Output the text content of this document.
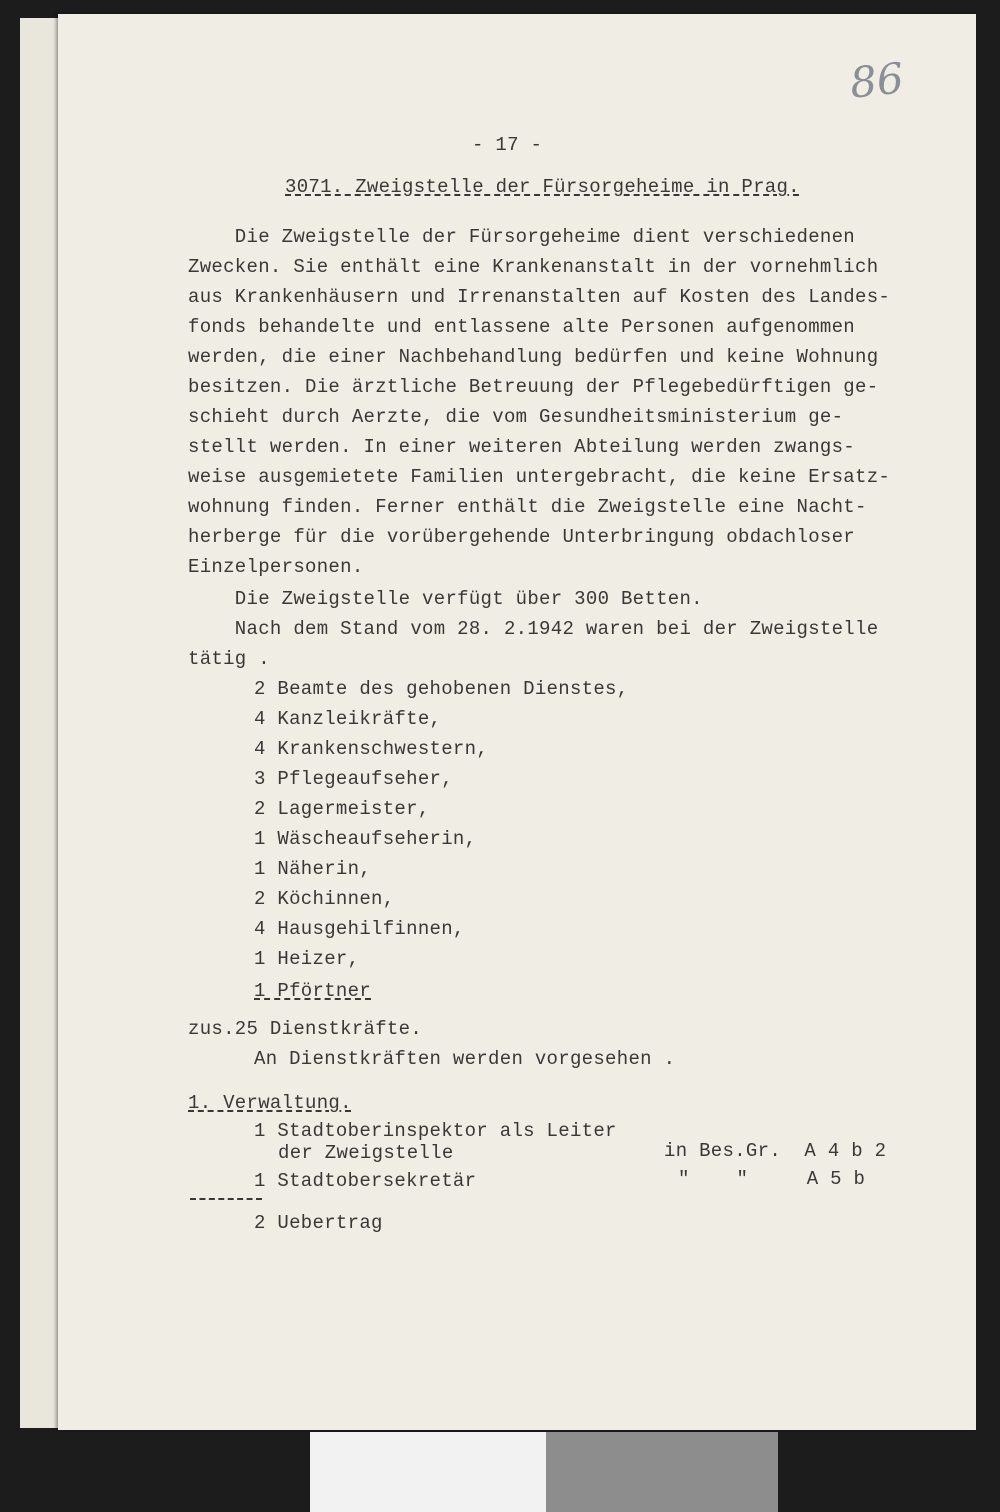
86
- 17 -
3071. Zweigstelle der Fürsorgeheime in Prag.
Die Zweigstelle der Fürsorgeheime dient verschiedenen
Zwecken. Sie enthält eine Krankenanstalt in der vornehmlich
aus Krankenhäusern und Irrenanstalten auf Kosten des Landes-
fonds behandelte und entlassene alte Personen aufgenommen
werden, die einer Nachbehandlung bedürfen und keine Wohnung
besitzen. Die ärztliche Betreuung der Pflegebedürftigen ge-
schieht durch Aerzte, die vom Gesundheitsministerium ge-
stellt werden. In einer weiteren Abteilung werden zwangs-
weise ausgemietete Familien untergebracht, die keine Ersatz-
wohnung finden. Ferner enthält die Zweigstelle eine Nacht-
herberge für die vorübergehende Unterbringung obdachloser
Einzelpersonen.
Die Zweigstelle verfügt über 300 Betten.
Nach dem Stand vom 28. 2.1942 waren bei der Zweigstelle
tätig .
2 Beamte des gehobenen Dienstes,
4 Kanzleikräfte,
4 Krankenschwestern,
3 Pflegeaufseher,
2 Lagermeister,
1 Wäscheaufseherin,
1 Näherin,
2 Köchinnen,
4 Hausgehilfinnen,
1 Heizer,
1 Pförtner
zus.25 Dienstkräfte.
An Dienstkräften werden vorgesehen .
1. Verwaltung.
1 Stadtoberinspektor als Leiter
der Zweigstelle	in Bes.Gr.  A 4 b 2
1 Stadtobersekretär	"    "     A 5 b
2 Uebertrag
